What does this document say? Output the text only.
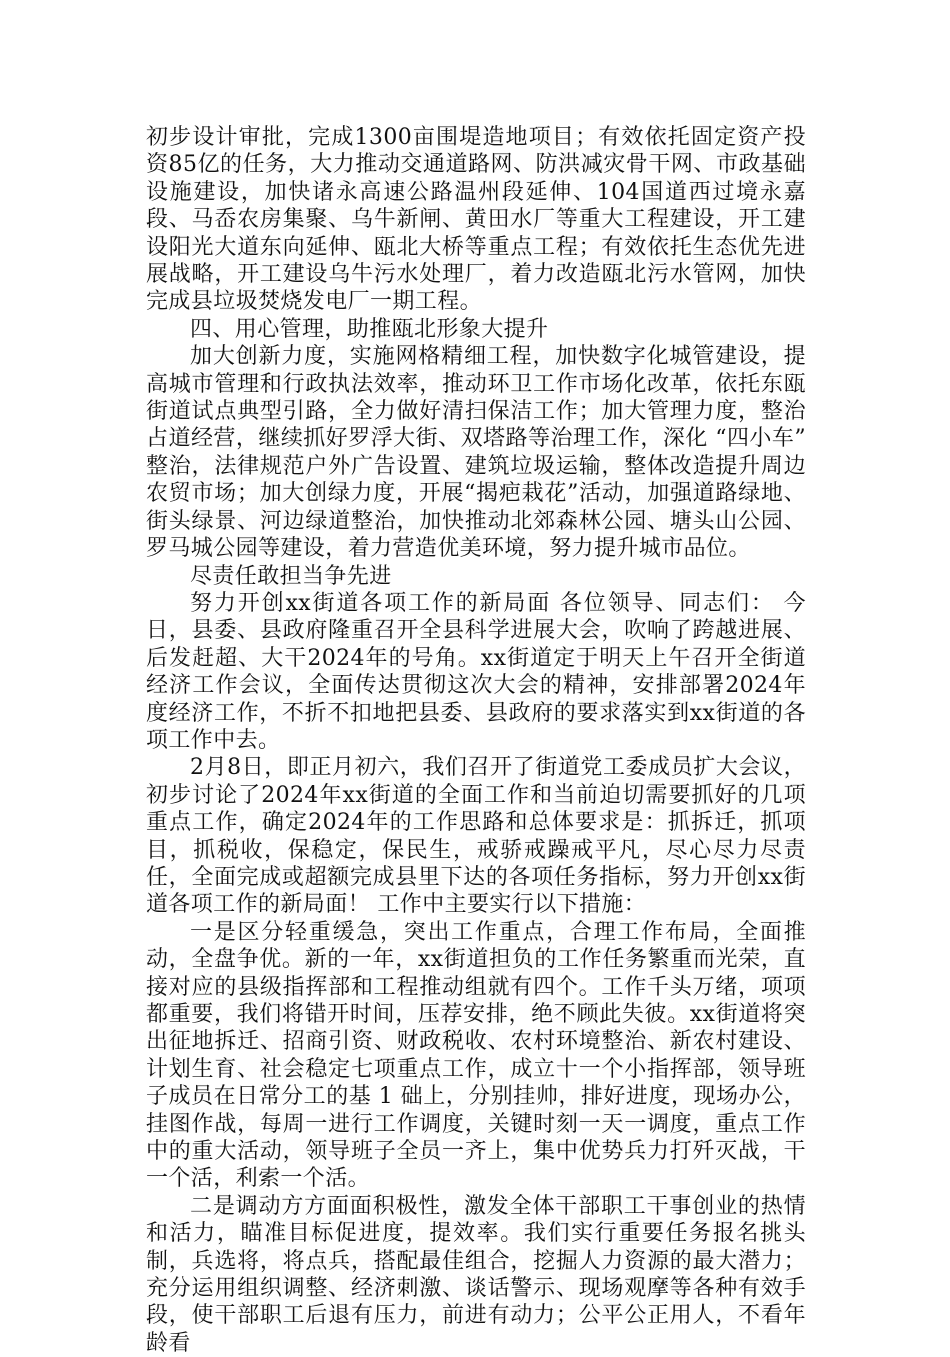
初步设计审批，完成1300亩围堤造地项目；有效依托固定资产投资85亿的任务，大力推动交通道路网、防洪减灾骨干网、市政基础设施建设，加快诸永高速公路温州段延伸、104国道西过境永嘉段、马岙农房集聚、乌牛新闸、黄田水厂等重大工程建设，开工建设阳光大道东向延伸、瓯北大桥等重点工程；有效依托生态优先进展战略，开工建设乌牛污水处理厂，着力改造瓯北污水管网，加快完成县垃圾焚烧发电厂一期工程。

四、用心管理，助推瓯北形象大提升

加大创新力度，实施网格精细工程，加快数字化城管建设，提高城市管理和行政执法效率，推动环卫工作市场化改革，依托东瓯街道试点典型引路，全力做好清扫保洁工作；加大管理力度，整治占道经营，继续抓好罗浮大街、双塔路等治理工作，深化 “四小车” 整治，法律规范户外广告设置、建筑垃圾运输，整体改造提升周边农贸市场；加大创绿力度，开展“揭疤栽花”活动，加强道路绿地、街头绿景、河边绿道整治，加快推动北郊森林公园、塘头山公园、罗马城公园等建设，着力营造优美环境，努力提升城市品位。

尽责任敢担当争先进

努力开创xx街道各项工作的新局面 各位领导、同志们： 今日，县委、县政府隆重召开全县科学进展大会，吹响了跨越进展、后发赶超、大干2024年的号角。xx街道定于明天上午召开全街道经济工作会议，全面传达贯彻这次大会的精神，安排部署2024年度经济工作，不折不扣地把县委、县政府的要求落实到xx街道的各项工作中去。

2月8日，即正月初六，我们召开了街道党工委成员扩大会议，初步讨论了2024年xx街道的全面工作和当前迫切需要抓好的几项重点工作，确定2024年的工作思路和总体要求是：抓拆迁，抓项目，抓税收，保稳定，保民生，戒骄戒躁戒平凡，尽心尽力尽责任，全面完成或超额完成县里下达的各项任务指标，努力开创xx街道各项工作的新局面！ 工作中主要实行以下措施：

一是区分轻重缓急，突出工作重点，合理工作布局，全面推动，全盘争优。新的一年，xx街道担负的工作任务繁重而光荣，直接对应的县级指挥部和工程推动组就有四个。工作千头万绪，项项都重要，我们将错开时间，压荐安排，绝不顾此失彼。xx街道将突出征地拆迁、招商引资、财政税收、农村环境整治、新农村建设、计划生育、社会稳定七项重点工作，成立十一个小指挥部，领导班子成员在日常分工的基 1 础上，分别挂帅，排好进度，现场办公，挂图作战，每周一进行工作调度，关键时刻一天一调度，重点工作中的重大活动，领导班子全员一齐上，集中优势兵力打歼灭战，干一个活，利索一个活。

二是调动方方面面积极性，激发全体干部职工干事创业的热情和活力，瞄准目标促进度，提效率。我们实行重要任务报名挑头制，兵选将，将点兵，搭配最佳组合，挖掘人力资源的最大潜力；充分运用组织调整、经济刺激、谈话警示、现场观摩等各种有效手段，使干部职工后退有压力，前进有动力；公平公正用人，不看年龄看
